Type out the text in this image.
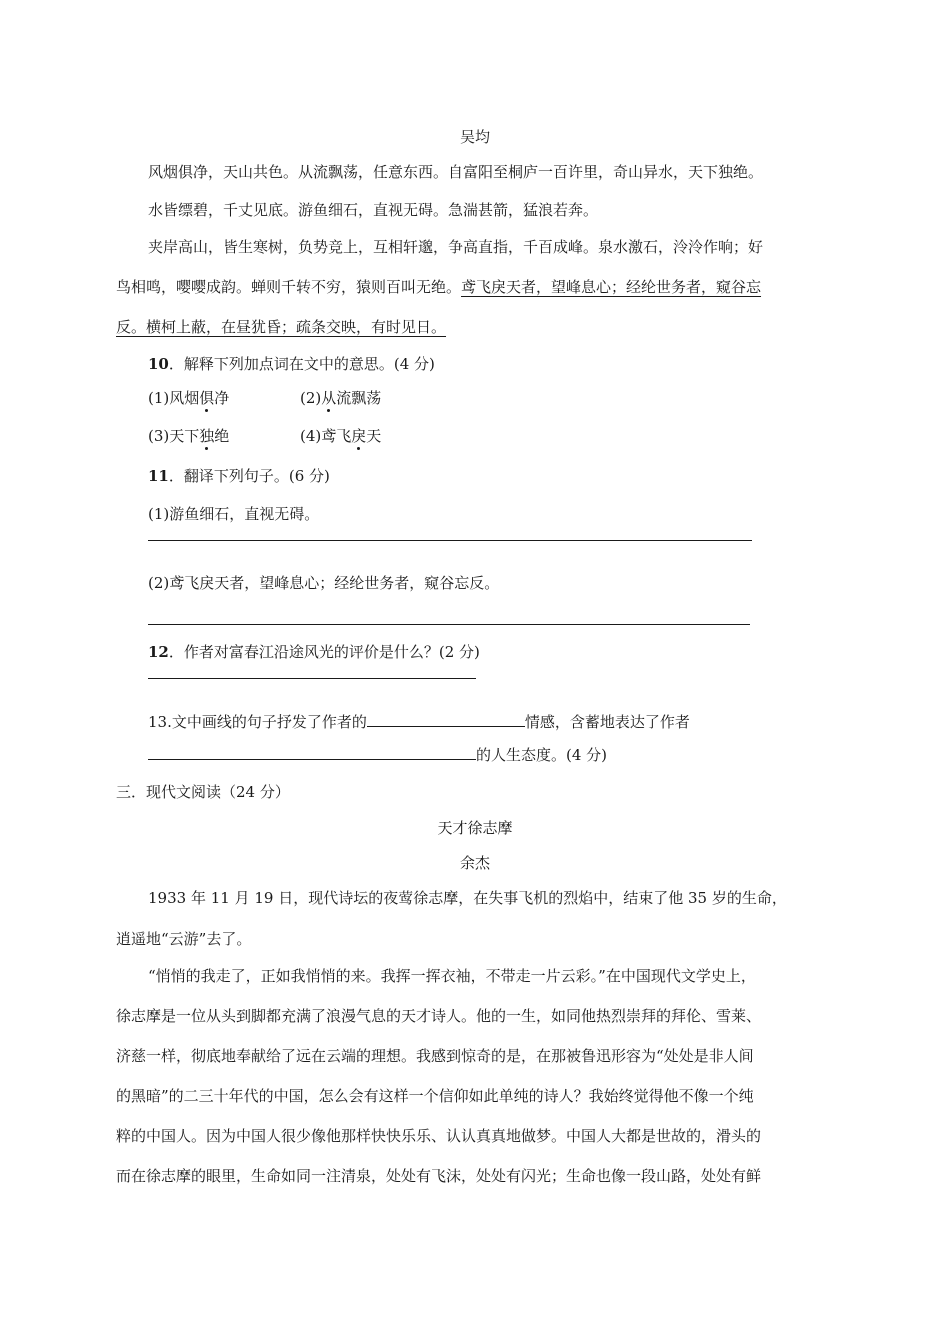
吴均
风烟俱净，天山共色。从流飘荡，任意东西。自富阳至桐庐一百许里，奇山异水，天下独绝。
水皆缥碧，千丈见底。游鱼细石，直视无碍。急湍甚箭，猛浪若奔。
夹岸高山，皆生寒树，负势竞上，互相轩邈，争高直指，千百成峰。泉水激石，泠泠作响；好
鸟相鸣，嘤嘤成韵。蝉则千转不穷，猿则百叫无绝。鸢飞戾天者，望峰息心；经纶世务者，窥谷忘
反。横柯上蔽，在昼犹昏；疏条交映，有时见日。
10．解释下列加点词在文中的意思。(4 分)
(1)风烟俱净	(2)从流飘荡
(3)天下独绝	(4)鸢飞戾天
11．翻译下列句子。(6 分)
(1)游鱼细石，直视无碍。
(2)鸢飞戾天者，望峰息心；经纶世务者，窥谷忘反。
12．作者对富春江沿途风光的评价是什么？(2 分)
13.文中画线的句子抒发了作者的	情感，含蓄地表达了作者
的人生态度。(4 分)
三．现代文阅读（24 分）
天才徐志摩
余杰
1933 年 11 月 19 日，现代诗坛的夜莺徐志摩，在失事飞机的烈焰中，结束了他 35 岁的生命，
逍遥地“云游”去了。
“悄悄的我走了，正如我悄悄的来。我挥一挥衣袖，不带走一片云彩。”在中国现代文学史上，
徐志摩是一位从头到脚都充满了浪漫气息的天才诗人。他的一生，如同他热烈崇拜的拜伦、雪莱、
济慈一样，彻底地奉献给了远在云端的理想。我感到惊奇的是，在那被鲁迅形容为“处处是非人间
的黑暗”的二三十年代的中国，怎么会有这样一个信仰如此单纯的诗人？我始终觉得他不像一个纯
粹的中国人。因为中国人很少像他那样快快乐乐、认认真真地做梦。中国人大都是世故的，滑头的
而在徐志摩的眼里，生命如同一注清泉，处处有飞沫，处处有闪光；生命也像一段山路，处处有鲜
